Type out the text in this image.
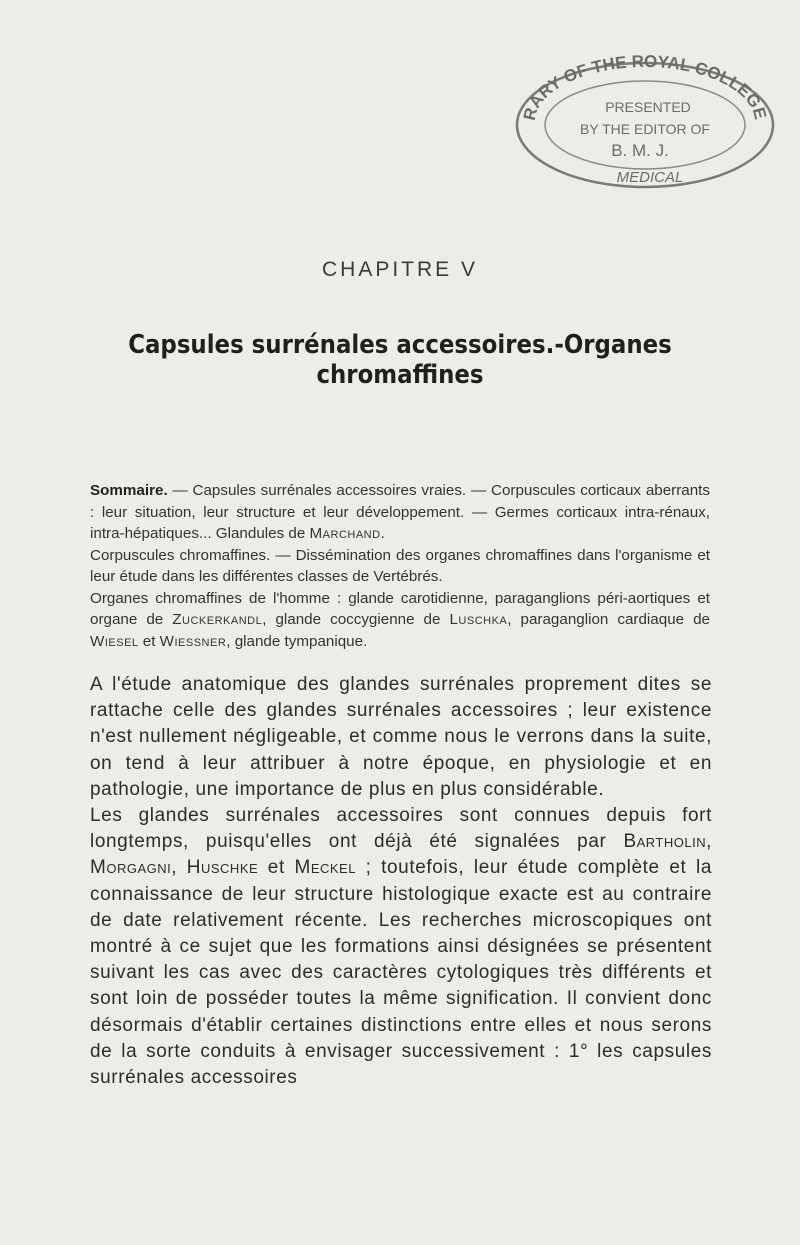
RARY OF THE ROYAL COLLEGE
PRESENTED
BY THE EDITOR OF
B. M. J.
MEDICAL
CHAPITRE V
Capsules surrénales accessoires.-Organes chromaffines

Sommaire. — Capsules surrénales accessoires vraies. — Corpuscules corticaux aberrants : leur situation, leur structure et leur développement. — Germes corticaux intra-rénaux, intra-hépatiques... Glandules de Marchand.

Corpuscules chromaffines. — Dissémination des organes chromaffines dans l'organisme et leur étude dans les différentes classes de Vertébrés.

Organes chromaffines de l'homme : glande carotidienne, paraganglions péri-aortiques et organe de Zuckerkandl, glande coccygienne de Luschka, paraganglion cardiaque de Wiesel et Wiessner, glande tympanique.

A l'étude anatomique des glandes surrénales proprement dites se rattache celle des glandes surrénales accessoires ; leur existence n'est nullement négligeable, et comme nous le verrons dans la suite, on tend à leur attribuer à notre époque, en physiologie et en pathologie, une importance de plus en plus considérable.

Les glandes surrénales accessoires sont connues depuis fort longtemps, puisqu'elles ont déjà été signalées par Bartholin, Morgagni, Huschke et Meckel ; toutefois, leur étude complète et la connaissance de leur structure histologique exacte est au contraire de date relativement récente. Les recherches microscopiques ont montré à ce sujet que les formations ainsi désignées se présentent suivant les cas avec des caractères cytologiques très différents et sont loin de posséder toutes la même signification. Il convient donc désormais d'établir certaines distinctions entre elles et nous serons de la sorte conduits à envisager successivement : 1° les capsules surrénales accessoires
